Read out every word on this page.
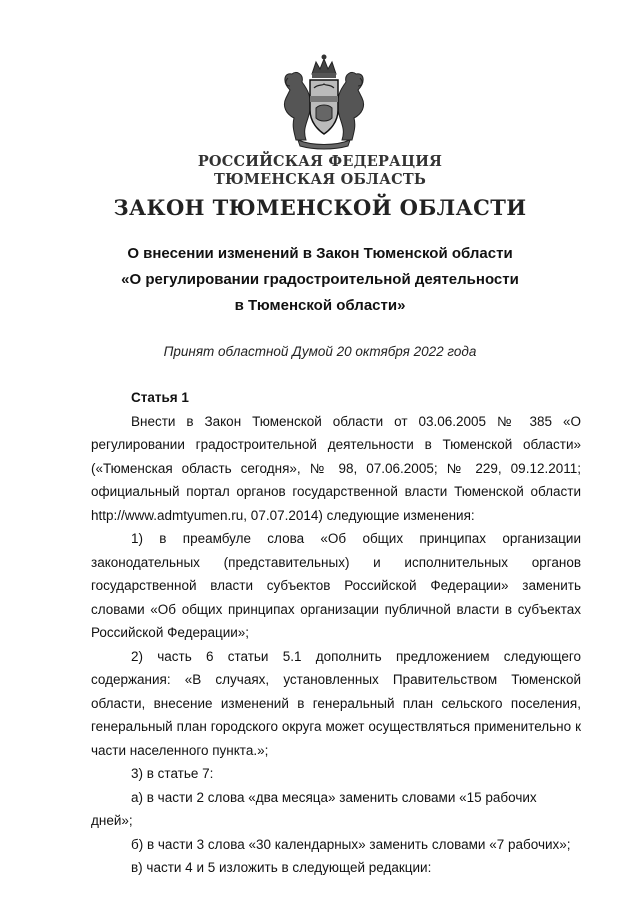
РОССИЙСКАЯ ФЕДЕРАЦИЯ
ТЮМЕНСКАЯ ОБЛАСТЬ
ЗАКОН ТЮМЕНСКОЙ ОБЛАСТИ
О внесении изменений в Закон Тюменской области
«О регулировании градостроительной деятельности
в Тюменской области»
Принят областной Думой 20 октября 2022 года
Статья 1

Внести в Закон Тюменской области от 03.06.2005 № 385 «О регулировании градостроительной деятельности в Тюменской области» («Тюменская область сегодня», № 98, 07.06.2005; № 229, 09.12.2011; официальный портал органов государственной власти Тюменской области http://www.admtyumen.ru, 07.07.2014) следующие изменения:

1) в преамбуле слова «Об общих принципах организации законодательных (представительных) и исполнительных органов государственной власти субъектов Российской Федерации» заменить словами «Об общих принципах организации публичной власти в субъектах Российской Федерации»;

2) часть 6 статьи 5.1 дополнить предложением следующего содержания: «В случаях, установленных Правительством Тюменской области, внесение изменений в генеральный план сельского поселения, генеральный план городского округа может осуществляться применительно к части населенного пункта.»;

3) в статье 7:

а) в части 2 слова «два месяца» заменить словами «15 рабочих дней»;

б) в части 3 слова «30 календарных» заменить словами «7 рабочих»;

в) части 4 и 5 изложить в следующей редакции:
